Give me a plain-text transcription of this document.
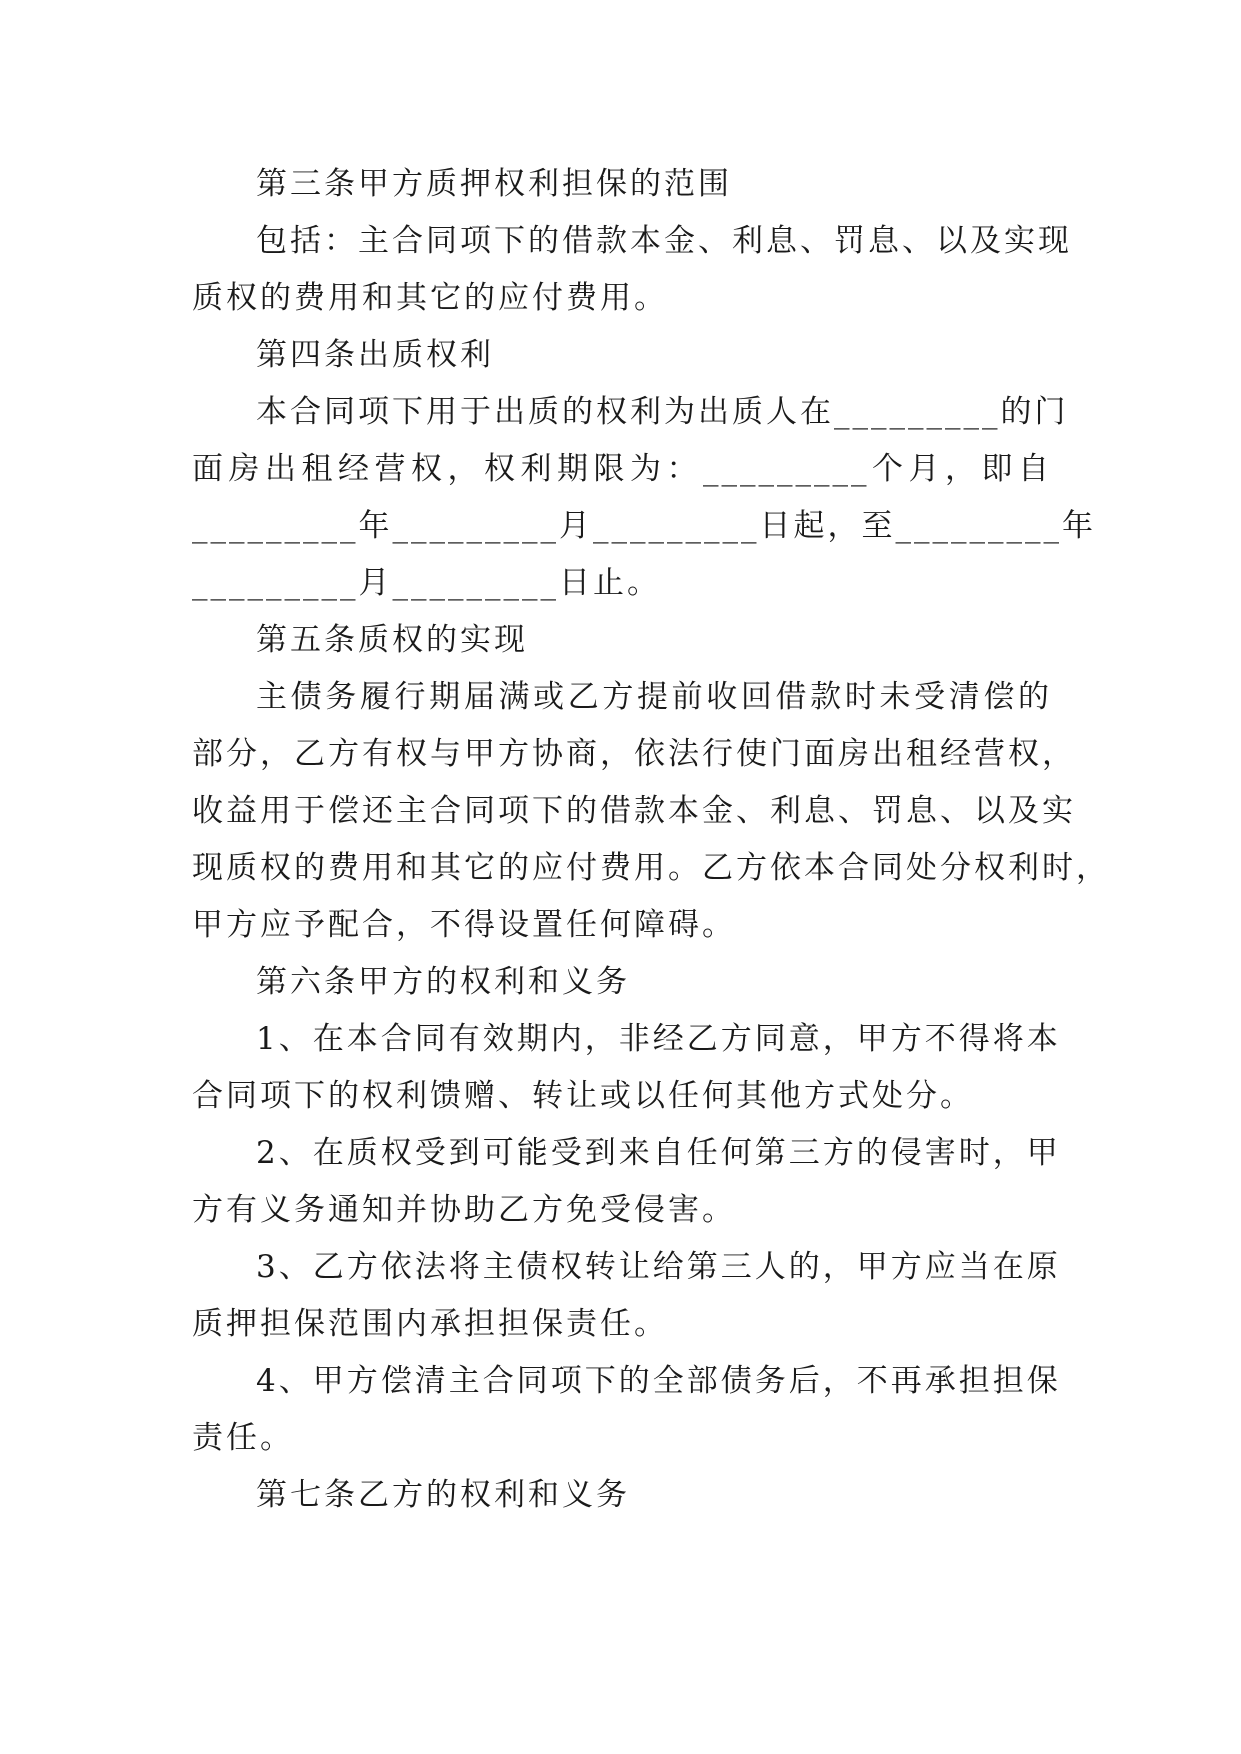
第三条甲方质押权利担保的范围
包括：主合同项下的借款本金、利息、罚息、以及实现
质权的费用和其它的应付费用。
第四条出质权利
本合同项下用于出质的权利为出质人在_________的门
面房出租经营权，权利期限为：_________个月，即自
_________年_________月_________日起，至_________年
_________月_________日止。
第五条质权的实现
主债务履行期届满或乙方提前收回借款时未受清偿的
部分，乙方有权与甲方协商，依法行使门面房出租经营权，
收益用于偿还主合同项下的借款本金、利息、罚息、以及实
现质权的费用和其它的应付费用。乙方依本合同处分权利时，
甲方应予配合，不得设置任何障碍。
第六条甲方的权利和义务
1、在本合同有效期内，非经乙方同意，甲方不得将本
合同项下的权利馈赠、转让或以任何其他方式处分。
2、在质权受到可能受到来自任何第三方的侵害时，甲
方有义务通知并协助乙方免受侵害。
3、乙方依法将主债权转让给第三人的，甲方应当在原
质押担保范围内承担担保责任。
4、甲方偿清主合同项下的全部债务后，不再承担担保
责任。
第七条乙方的权利和义务
